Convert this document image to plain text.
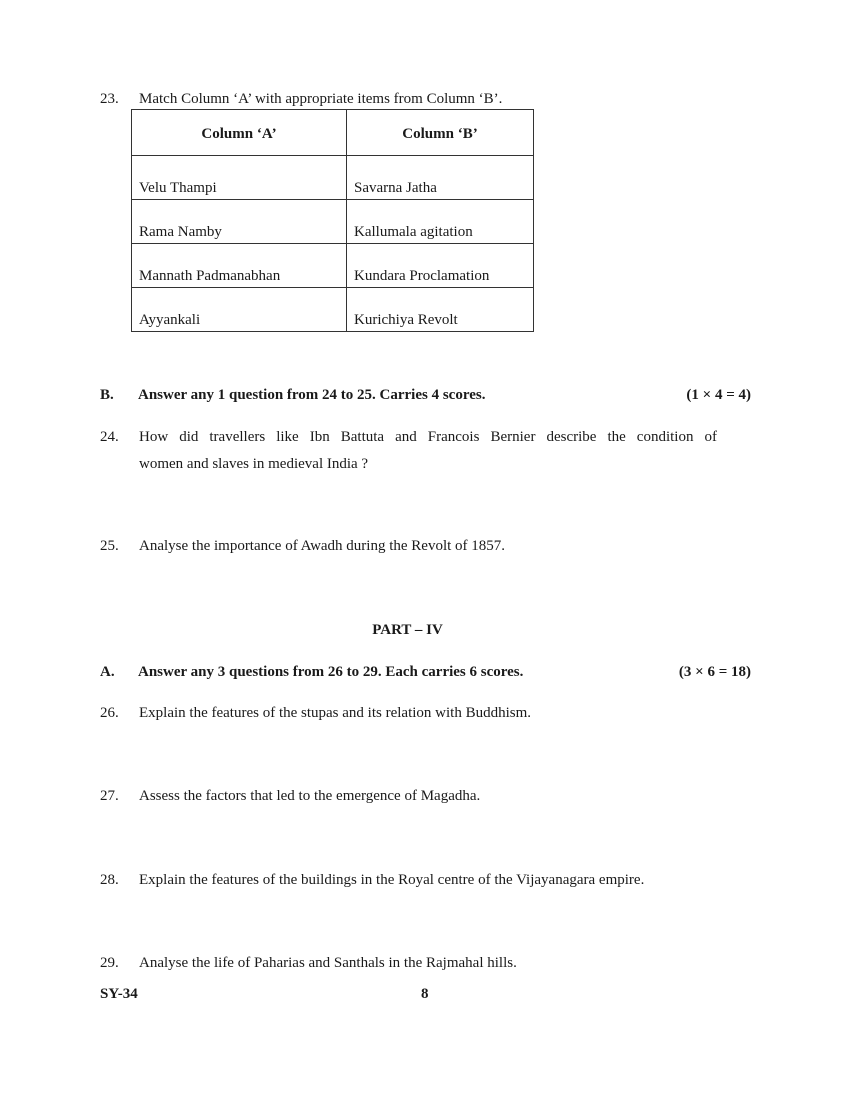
23. Match Column ‘A’ with appropriate items from Column ‘B’.
Column ‘A’	Column ‘B’
Velu Thampi	Savarna Jatha
Rama Namby	Kallumala agitation
Mannath Padmanabhan	Kundara Proclamation
Ayyankali	Kurichiya Revolt
B. Answer any 1 question from 24 to 25. Carries 4 scores.	(1 × 4 = 4)
24. How did travellers like Ibn Battuta and Francois Bernier describe the condition of
women and slaves in medieval India ?
25. Analyse the importance of Awadh during the Revolt of 1857.
PART – IV
A. Answer any 3 questions from 26 to 29. Each carries 6 scores.	(3 × 6 = 18)
26. Explain the features of the stupas and its relation with Buddhism.
27. Assess the factors that led to the emergence of Magadha.
28. Explain the features of the buildings in the Royal centre of the Vijayanagara empire.
29. Analyse the life of Paharias and Santhals in the Rajmahal hills.
SY-34	8
